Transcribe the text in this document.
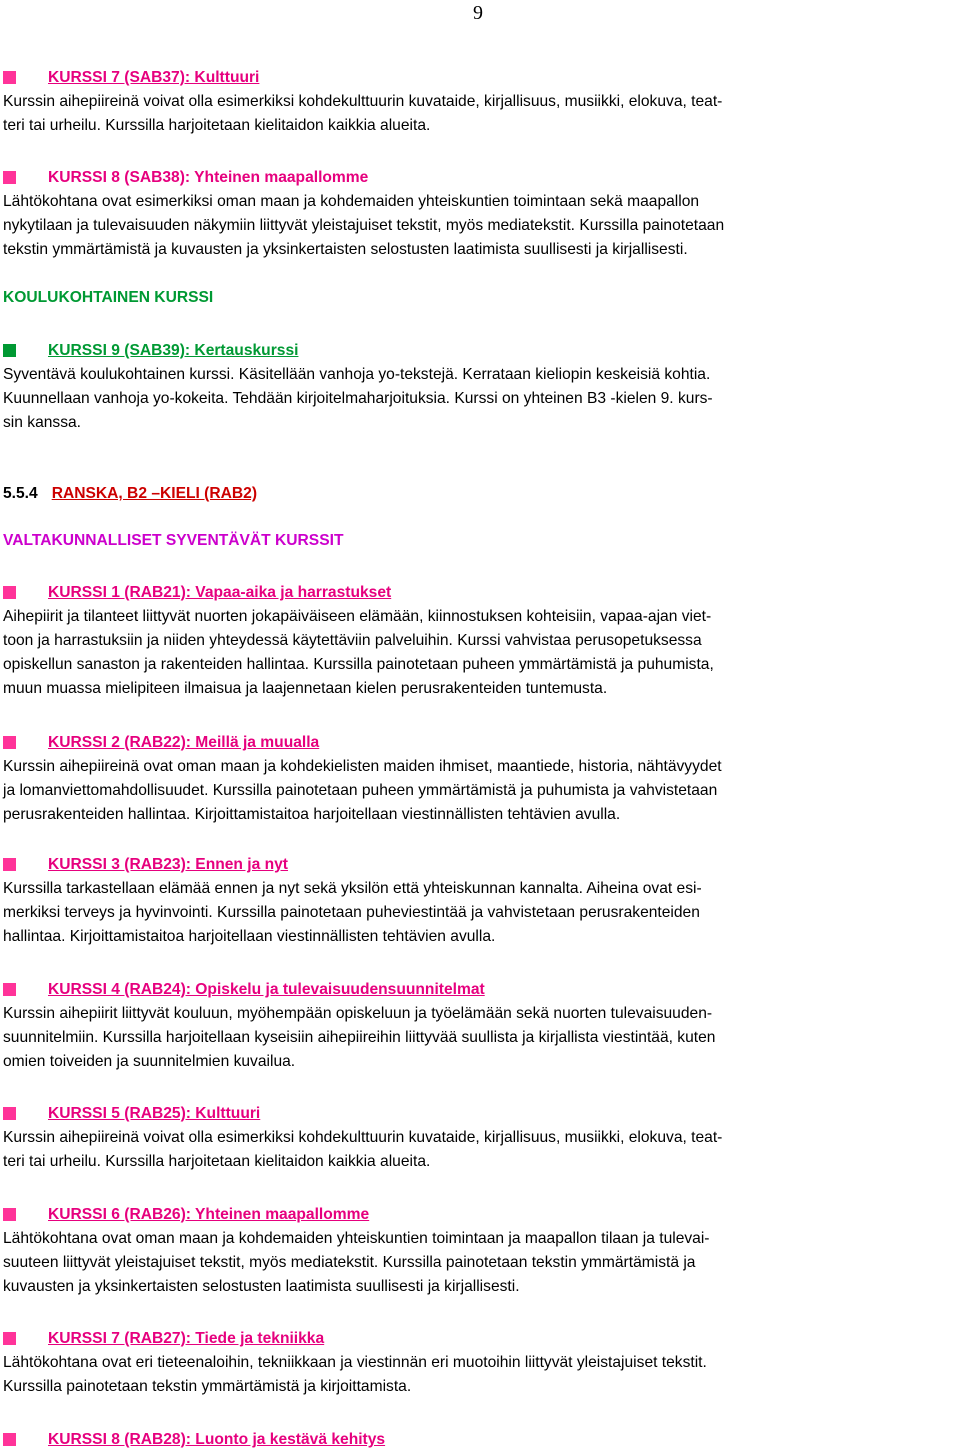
9
KURSSI 7 (SAB37): Kulttuuri

Kurssin aihepiireinä voivat olla esimerkiksi kohdekulttuurin kuvataide, kirjallisuus, musiikki, elokuva, teat-
teri tai urheilu. Kurssilla harjoitetaan kielitaidon kaikkia alueita.

KURSSI 8 (SAB38): Yhteinen maapallomme

Lähtökohtana ovat esimerkiksi oman maan ja kohdemaiden yhteiskuntien toimintaan sekä maapallon
nykytilaan ja tulevaisuuden näkymiin liittyvät yleistajuiset tekstit, myös mediatekstit. Kurssilla painotetaan
tekstin ymmärtämistä ja kuvausten ja yksinkertaisten selostusten laatimista suullisesti ja kirjallisesti.

KOULUKOHTAINEN KURSSI
KURSSI 9 (SAB39): Kertauskurssi

Syventävä koulukohtainen kurssi. Käsitellään vanhoja yo-tekstejä. Kerrataan kieliopin keskeisiä kohtia.
Kuunnellaan vanhoja yo-kokeita. Tehdään kirjoitelmaharjoituksia. Kurssi on yhteinen B3 -kielen 9. kurs-
sin kanssa.

5.5.4 RANSKA, B2 –KIELI (RAB2)
VALTAKUNNALLISET SYVENTÄVÄT KURSSIT
KURSSI 1 (RAB21): Vapaa-aika ja harrastukset

Aihepiirit ja tilanteet liittyvät nuorten jokapäiväiseen elämään, kiinnostuksen kohteisiin, vapaa-ajan viet-
toon ja harrastuksiin ja niiden yhteydessä käytettäviin palveluihin. Kurssi vahvistaa perusopetuksessa
opiskellun sanaston ja rakenteiden hallintaa. Kurssilla painotetaan puheen ymmärtämistä ja puhumista,
muun muassa mielipiteen ilmaisua ja laajennetaan kielen perusrakenteiden tuntemusta.

KURSSI 2 (RAB22): Meillä ja muualla

Kurssin aihepiireinä ovat oman maan ja kohdekielisten maiden ihmiset, maantiede, historia, nähtävyydet
ja lomanviettomahdollisuudet. Kurssilla painotetaan puheen ymmärtämistä ja puhumista ja vahvistetaan
perusrakenteiden hallintaa. Kirjoittamistaitoa harjoitellaan viestinnällisten tehtävien avulla.

KURSSI 3 (RAB23): Ennen ja nyt

Kurssilla tarkastellaan elämää ennen ja nyt sekä yksilön että yhteiskunnan kannalta. Aiheina ovat esi-
merkiksi terveys ja hyvinvointi. Kurssilla painotetaan puheviestintää ja vahvistetaan perusrakenteiden
hallintaa. Kirjoittamistaitoa harjoitellaan viestinnällisten tehtävien avulla.

KURSSI 4 (RAB24): Opiskelu ja tulevaisuudensuunnitelmat

Kurssin aihepiirit liittyvät kouluun, myöhempään opiskeluun ja työelämään sekä nuorten tulevaisuuden-
suunnitelmiin. Kurssilla harjoitellaan kyseisiin aihepiireihin liittyvää suullista ja kirjallista viestintää, kuten
omien toiveiden ja suunnitelmien kuvailua.

KURSSI 5 (RAB25): Kulttuuri

Kurssin aihepiireinä voivat olla esimerkiksi kohdekulttuurin kuvataide, kirjallisuus, musiikki, elokuva, teat-
teri tai urheilu. Kurssilla harjoitetaan kielitaidon kaikkia alueita.

KURSSI 6 (RAB26): Yhteinen maapallomme

Lähtökohtana ovat oman maan ja kohdemaiden yhteiskuntien toimintaan ja maapallon tilaan ja tulevai-
suuteen liittyvät yleistajuiset tekstit, myös mediatekstit. Kurssilla painotetaan tekstin ymmärtämistä ja
kuvausten ja yksinkertaisten selostusten laatimista suullisesti ja kirjallisesti.

KURSSI 7 (RAB27): Tiede ja tekniikka

Lähtökohtana ovat eri tieteenaloihin, tekniikkaan ja viestinnän eri muotoihin liittyvät yleistajuiset tekstit.
Kurssilla painotetaan tekstin ymmärtämistä ja kirjoittamista.

KURSSI 8 (RAB28): Luonto ja kestävä kehitys
